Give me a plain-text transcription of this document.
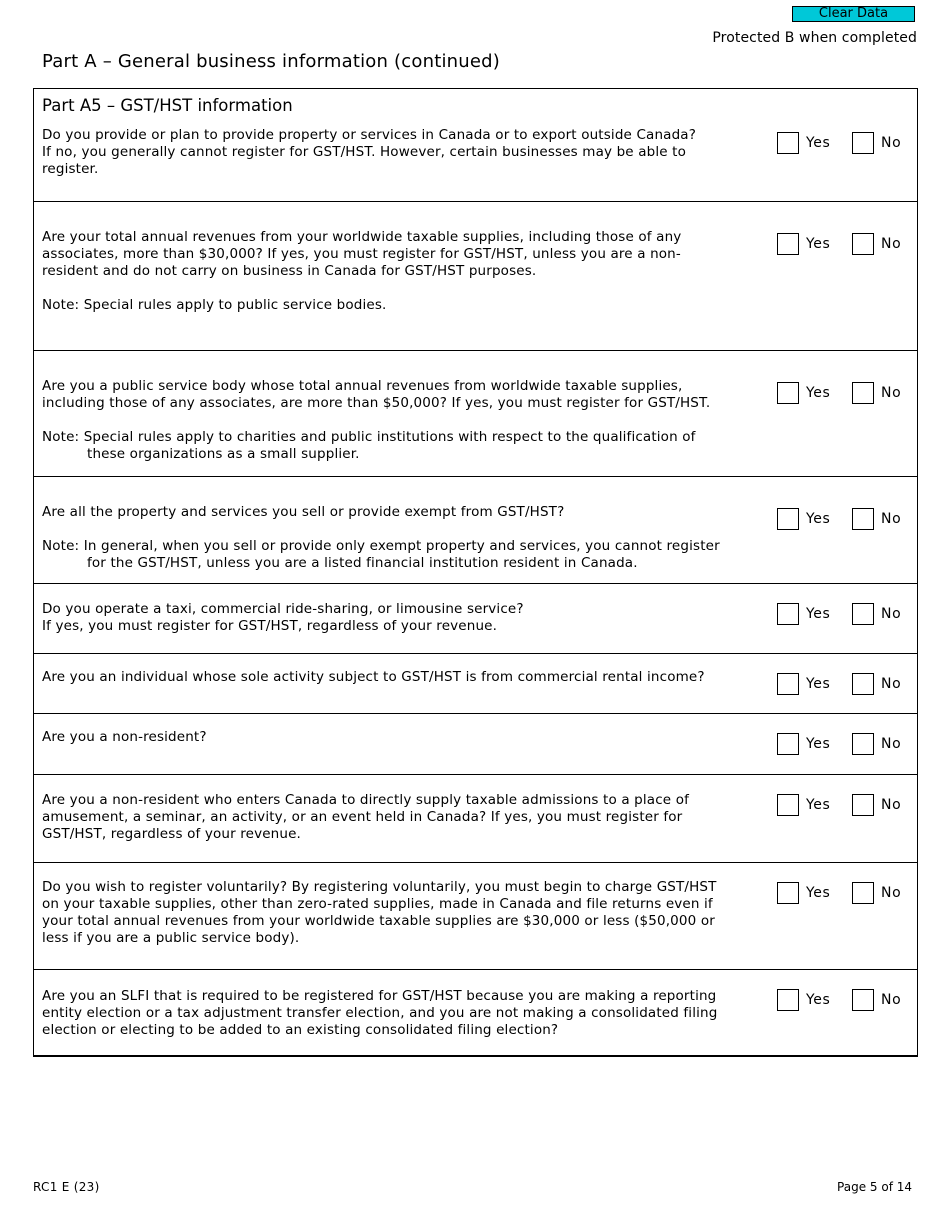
Clear Data
Protected B when completed
Part A – General business information (continued)
Part A5 – GST/HST information
Do you provide or plan to provide property or services in Canada or to export outside Canada?
If no, you generally cannot register for GST/HST. However, certain businesses may be able to register.
Yes	No
Are your total annual revenues from your worldwide taxable supplies, including those of any associates, more than $30,000? If yes, you must register for GST/HST, unless you are a non-resident and do not carry on business in Canada for GST/HST purposes.
Note: Special rules apply to public service bodies.
Yes	No
Are you a public service body whose total annual revenues from worldwide taxable supplies, including those of any associates, are more than $50,000? If yes, you must register for GST/HST.
Note: Special rules apply to charities and public institutions with respect to the qualification of these organizations as a small supplier.
Yes	No
Are all the property and services you sell or provide exempt from GST/HST?
Note: In general, when you sell or provide only exempt property and services, you cannot register for the GST/HST, unless you are a listed financial institution resident in Canada.
Yes	No
Do you operate a taxi, commercial ride-sharing, or limousine service?
If yes, you must register for GST/HST, regardless of your revenue.
Yes	No
Are you an individual whose sole activity subject to GST/HST is from commercial rental income?	Yes	No
Are you a non-resident?	Yes	No
Are you a non-resident who enters Canada to directly supply taxable admissions to a place of amusement, a seminar, an activity, or an event held in Canada? If yes, you must register for GST/HST, regardless of your revenue.
Yes	No
Do you wish to register voluntarily? By registering voluntarily, you must begin to charge GST/HST on your taxable supplies, other than zero-rated supplies, made in Canada and file returns even if your total annual revenues from your worldwide taxable supplies are $30,000 or less ($50,000 or less if you are a public service body).
Yes	No
Are you an SLFI that is required to be registered for GST/HST because you are making a reporting entity election or a tax adjustment transfer election, and you are not making a consolidated filing election or electing to be added to an existing consolidated filing election?
Yes	No
RC1 E (23)	Page 5 of 14
